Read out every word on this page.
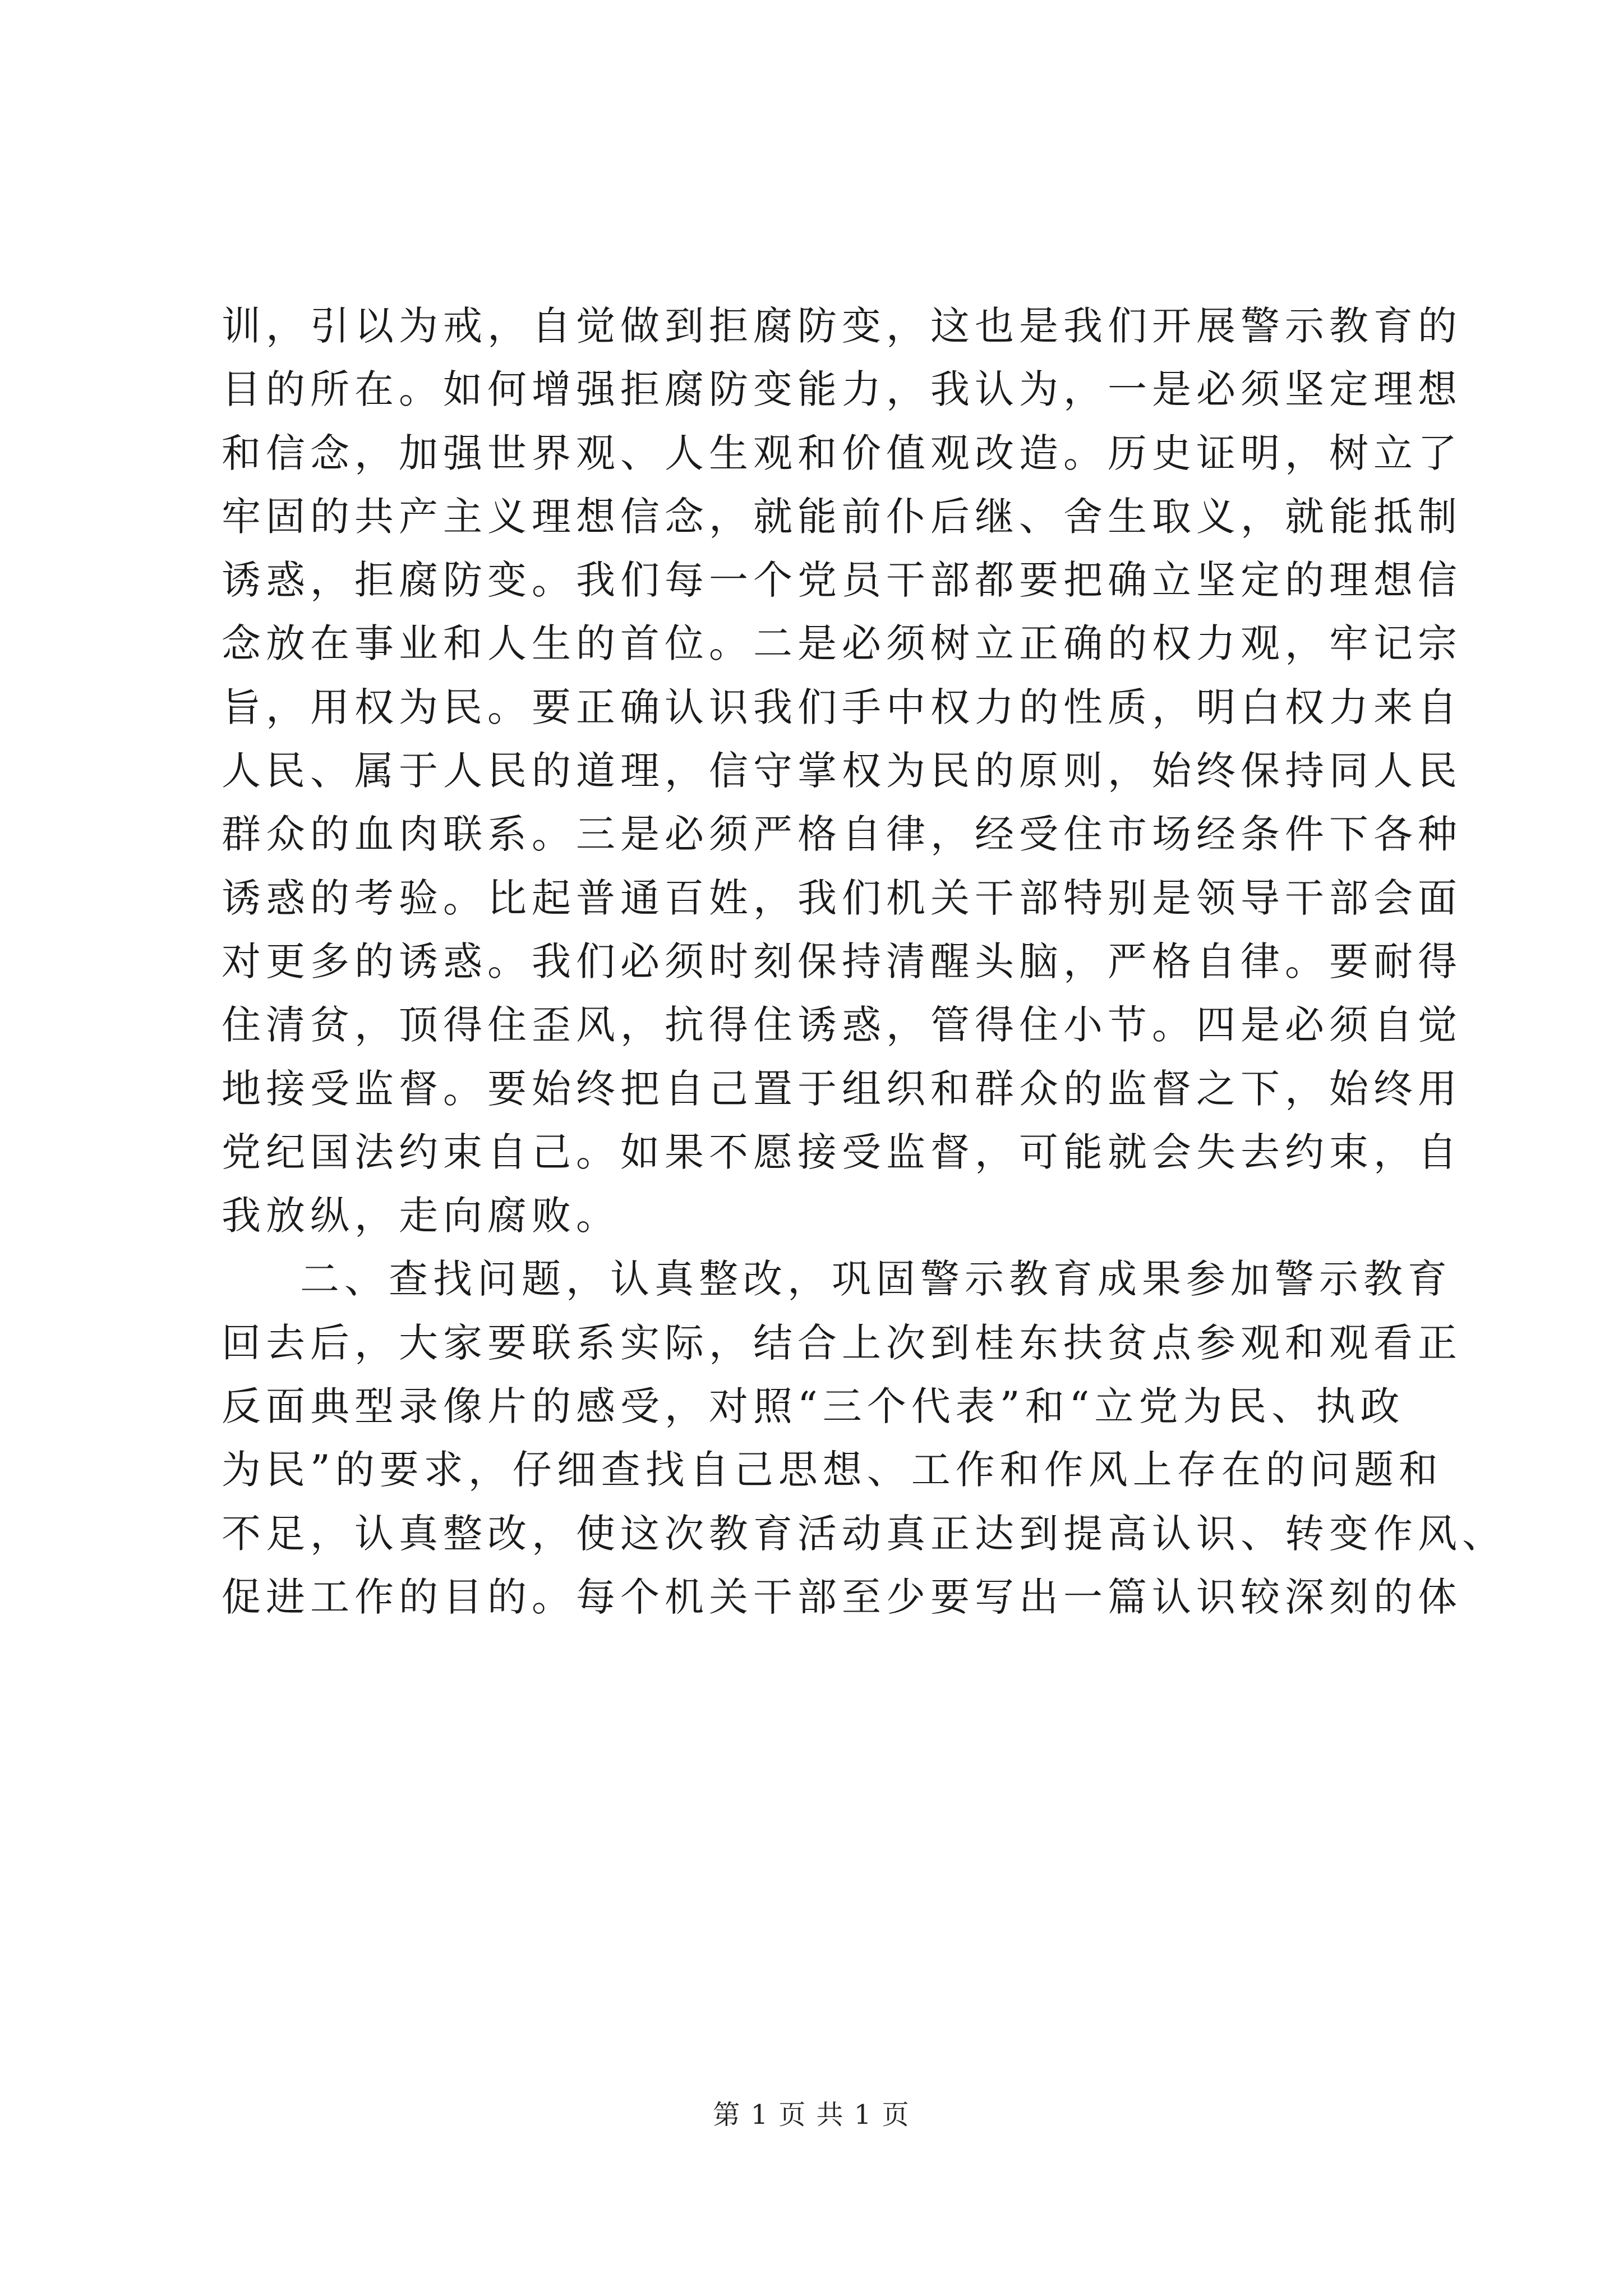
训，引以为戒，自觉做到拒腐防变，这也是我们开展警示教育的
目的所在。如何增强拒腐防变能力，我认为，一是必须坚定理想
和信念，加强世界观、人生观和价值观改造。历史证明，树立了
牢固的共产主义理想信念，就能前仆后继、舍生取义，就能抵制
诱惑，拒腐防变。我们每一个党员干部都要把确立坚定的理想信
念放在事业和人生的首位。二是必须树立正确的权力观，牢记宗
旨，用权为民。要正确认识我们手中权力的性质，明白权力来自
人民、属于人民的道理，信守掌权为民的原则，始终保持同人民
群众的血肉联系。三是必须严格自律，经受住市场经条件下各种
诱惑的考验。比起普通百姓，我们机关干部特别是领导干部会面
对更多的诱惑。我们必须时刻保持清醒头脑，严格自律。要耐得
住清贫，顶得住歪风，抗得住诱惑，管得住小节。四是必须自觉
地接受监督。要始终把自己置于组织和群众的监督之下，始终用
党纪国法约束自己。如果不愿接受监督，可能就会失去约束，自
我放纵，走向腐败。
二、查找问题，认真整改，巩固警示教育成果参加警示教育
回去后，大家要联系实际，结合上次到桂东扶贫点参观和观看正
反面典型录像片的感受，对照“三个代表”和“立党为民、执政
为民”的要求，仔细查找自己思想、工作和作风上存在的问题和
不足，认真整改，使这次教育活动真正达到提高认识、转变作风、
促进工作的目的。每个机关干部至少要写出一篇认识较深刻的体
第 1 页 共 1 页
